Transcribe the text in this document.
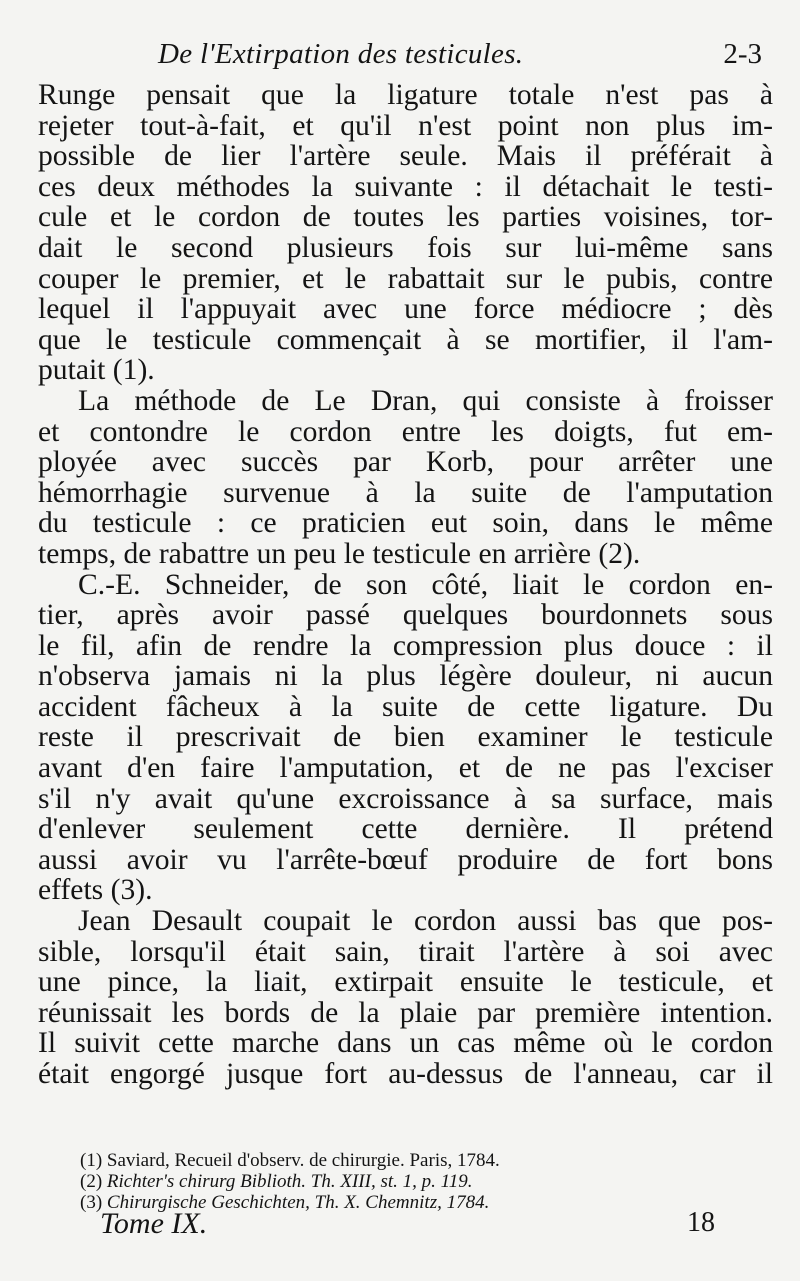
De l'Extirpation des testicules.	2-3
Runge pensait que la ligature totale n'est pas à
rejeter tout-à-fait, et qu'il n'est point non plus im-
possible de lier l'artère seule. Mais il préférait à
ces deux méthodes la suivante : il détachait le testi-
cule et le cordon de toutes les parties voisines, tor-
dait le second plusieurs fois sur lui-même sans
couper le premier, et le rabattait sur le pubis, contre
lequel il l'appuyait avec une force médiocre ; dès
que le testicule commençait à se mortifier, il l'am-
putait (1).
La méthode de Le Dran, qui consiste à froisser
et contondre le cordon entre les doigts, fut em-
ployée avec succès par Korb, pour arrêter une
hémorrhagie survenue à la suite de l'amputation
du testicule : ce praticien eut soin, dans le même
temps, de rabattre un peu le testicule en arrière (2).
C.-E. Schneider, de son côté, liait le cordon en-
tier, après avoir passé quelques bourdonnets sous
le fil, afin de rendre la compression plus douce : il
n'observa jamais ni la plus légère douleur, ni aucun
accident fâcheux à la suite de cette ligature. Du
reste il prescrivait de bien examiner le testicule
avant d'en faire l'amputation, et de ne pas l'exciser
s'il n'y avait qu'une excroissance à sa surface, mais
d'enlever seulement cette dernière. Il prétend
aussi avoir vu l'arrête-bœuf produire de fort bons
effets (3).
Jean Desault coupait le cordon aussi bas que pos-
sible, lorsqu'il était sain, tirait l'artère à soi avec
une pince, la liait, extirpait ensuite le testicule, et
réunissait les bords de la plaie par première intention.
Il suivit cette marche dans un cas même où le cordon
était engorgé jusque fort au-dessus de l'anneau, car il
(1) Saviard, Recueil d'observ. de chirurgie. Paris, 1784.
(2) Richter's chirurg Biblioth. Th. XIII, st. 1, p. 119.
(3) Chirurgische Geschichten, Th. X. Chemnitz, 1784.
Tome IX.	18
